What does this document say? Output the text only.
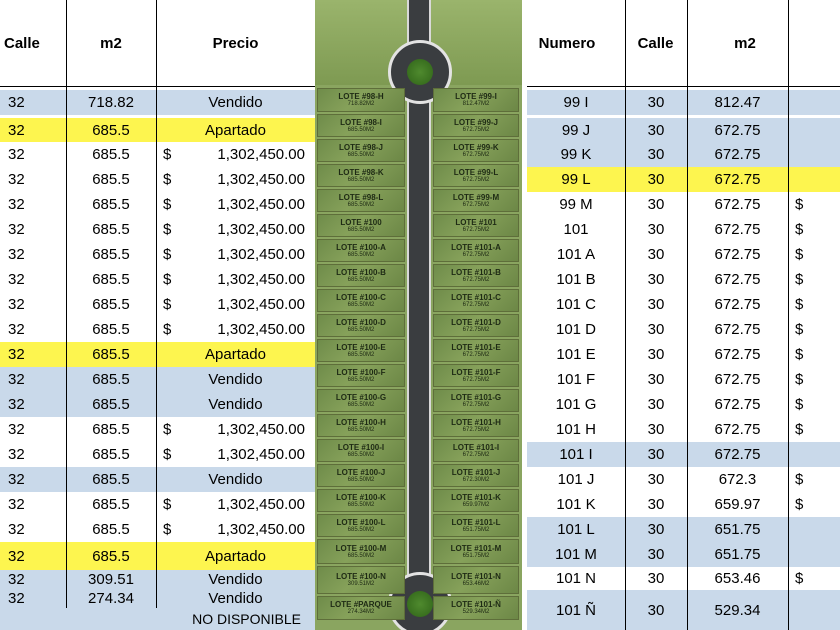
Calle	m2	Precio
32	718.82	Vendido
32	685.5	Apartado
32	685.5	$	1,302,450.00
32	685.5	$	1,302,450.00
32	685.5	$	1,302,450.00
32	685.5	$	1,302,450.00
32	685.5	$	1,302,450.00
32	685.5	$	1,302,450.00
32	685.5	$	1,302,450.00
32	685.5	$	1,302,450.00
32	685.5	Apartado
32	685.5	Vendido
32	685.5	Vendido
32	685.5	$	1,302,450.00
32	685.5	$	1,302,450.00
32	685.5	Vendido
32	685.5	$	1,302,450.00
32	685.5	$	1,302,450.00
32	685.5	Apartado
32	309.51	Vendido
32	274.34	Vendido
NO DISPONIBLE
LOTE #98-H
718.82M2
LOTE #98-I
685.50M2
LOTE #98-J
685.50M2
LOTE #98-K
685.50M2
LOTE #98-L
685.50M2
LOTE #100
685.50M2
LOTE #100-A
685.50M2
LOTE #100-B
685.50M2
LOTE #100-C
685.50M2
LOTE #100-D
685.50M2
LOTE #100-E
685.50M2
LOTE #100-F
685.50M2
LOTE #100-G
685.50M2
LOTE #100-H
685.50M2
LOTE #100-I
685.50M2
LOTE #100-J
685.50M2
LOTE #100-K
685.50M2
LOTE #100-L
685.50M2
LOTE #100-M
685.50M2
LOTE #100-N
309.51M2
LOTE #PARQUE
274.34M2
LOTE #99-I
812.47M2
LOTE #99-J
672.75M2
LOTE #99-K
672.75M2
LOTE #99-L
672.75M2
LOTE #99-M
672.75M2
LOTE #101
672.75M2
LOTE #101-A
672.75M2
LOTE #101-B
672.75M2
LOTE #101-C
672.75M2
LOTE #101-D
672.75M2
LOTE #101-E
672.75M2
LOTE #101-F
672.75M2
LOTE #101-G
672.75M2
LOTE #101-H
672.75M2
LOTE #101-I
672.75M2
LOTE #101-J
672.30M2
LOTE #101-K
659.97M2
LOTE #101-L
651.75M2
LOTE #101-M
651.75M2
LOTE #101-N
653.46M2
LOTE #101-Ñ
529.34M2
Numero	Calle	m2
99 I	30	812.47
99 J	30	672.75
99 K	30	672.75
99 L	30	672.75
99 M	30	672.75	$
101	30	672.75	$
101 A	30	672.75	$
101 B	30	672.75	$
101 C	30	672.75	$
101 D	30	672.75	$
101 E	30	672.75	$
101 F	30	672.75	$
101 G	30	672.75	$
101 H	30	672.75	$
101 I	30	672.75
101 J	30	672.3	$
101 K	30	659.97	$
101 L	30	651.75
101 M	30	651.75
101 N	30	653.46	$
101 Ñ	30	529.34
